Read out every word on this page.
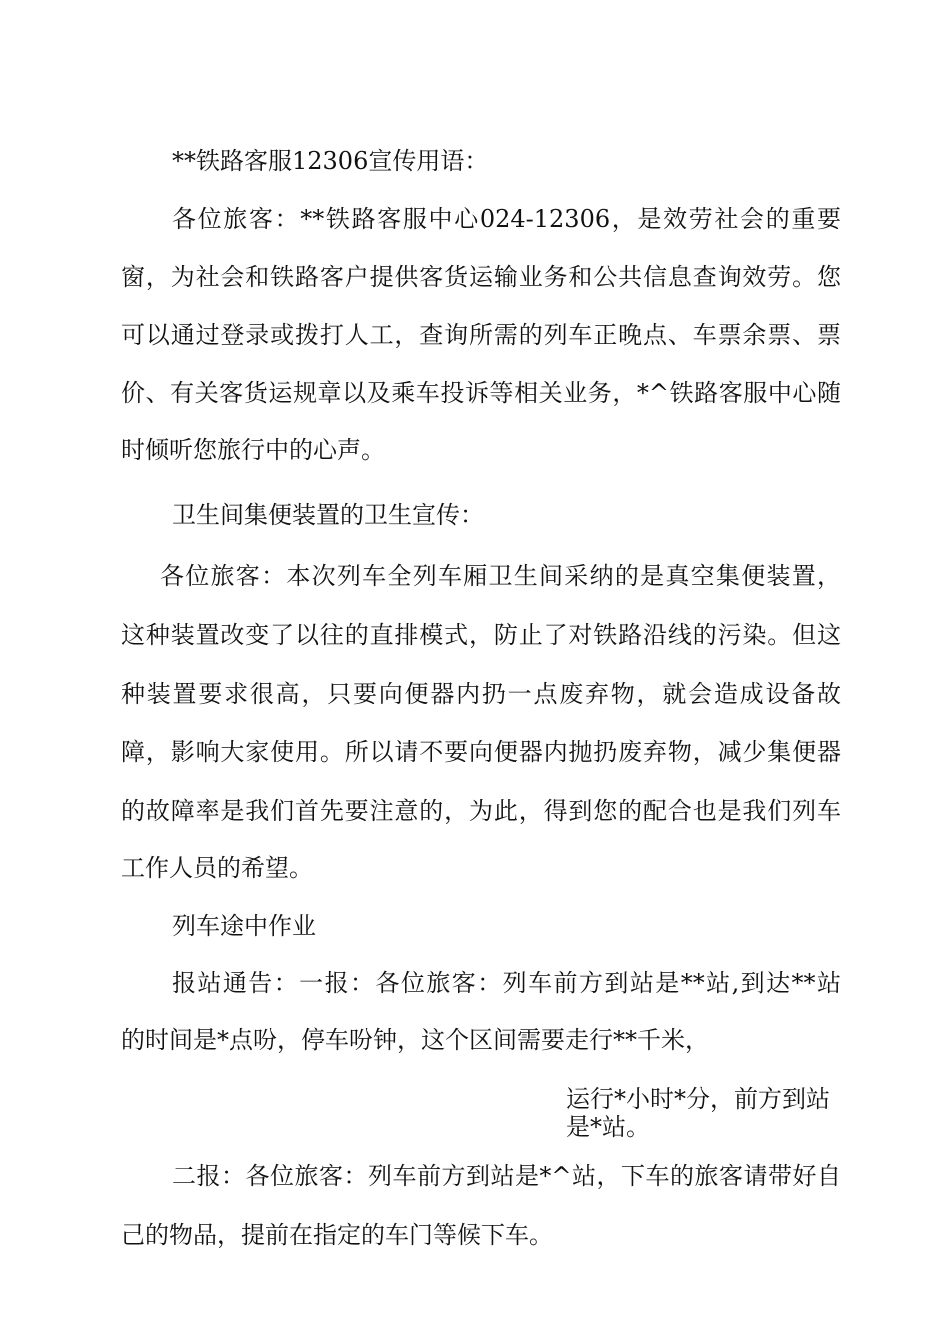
**铁路客服12306宣传用语：

各位旅客：**铁路客服中心024-12306，是效劳社会的重要

窗，为社会和铁路客户提供客货运输业务和公共信息查询效劳。您

可以通过登录或拨打人工，查询所需的列车正晚点、车票余票、票

价、有关客货运规章以及乘车投诉等相关业务，*^铁路客服中心随

时倾听您旅行中的心声。

卫生间集便装置的卫生宣传：

各位旅客：本次列车全列车厢卫生间采纳的是真空集便装置，

这种装置改变了以往的直排模式，防止了对铁路沿线的污染。但这

种装置要求很高，只要向便器内扔一点废弃物，就会造成设备故

障，影响大家使用。所以请不要向便器内抛扔废弃物，减少集便器

的故障率是我们首先要注意的，为此，得到您的配合也是我们列车

工作人员的希望。

列车途中作业

报站通告：一报：各位旅客：列车前方到站是**站,到达**站

的时间是*点吩，停车吩钟，这个区间需要走行**千米，

运行*小时*分，前方到站

是*站。

二报：各位旅客：列车前方到站是*^站，下车的旅客请带好自

己的物品，提前在指定的车门等候下车。
